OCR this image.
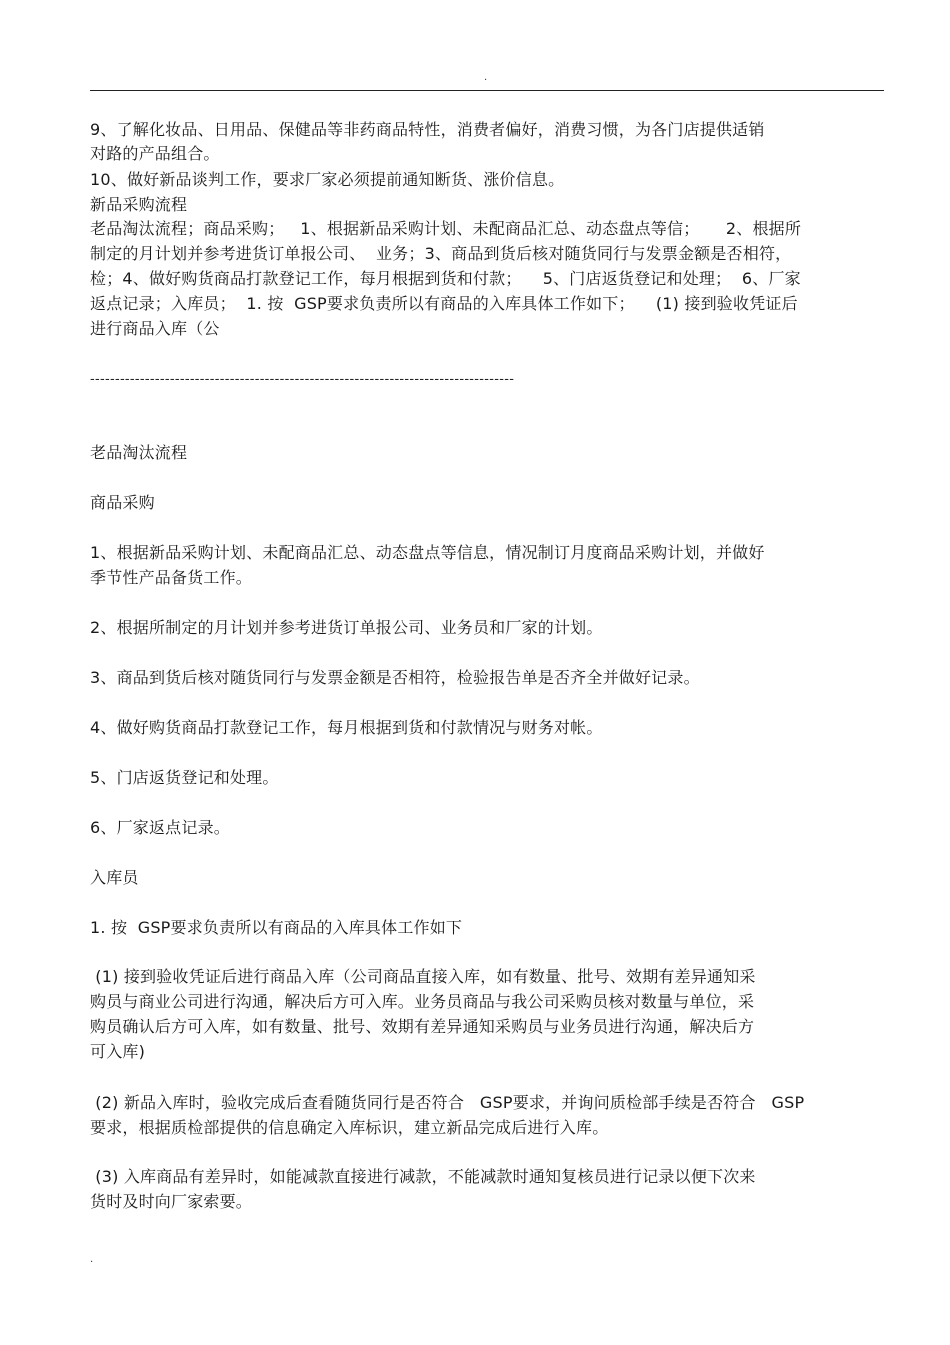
.
9、了解化妆品、日用品、保健品等非药商品特性，消费者偏好，消费习惯，为各门店提供适销
对路的产品组合。
10、做好新品谈判工作，要求厂家必须提前通知断货、涨价信息。
新品采购流程
老品淘汰流程；商品采购；   1、根据新品采购计划、未配商品汇总、动态盘点等信；     2、根据所
制定的月计划并参考进货订单报公司、  业务；3、商品到货后核对随货同行与发票金额是否相符，
检；4、做好购货商品打款登记工作，每月根据到货和付款；    5、门店返货登记和处理；  6、厂家
返点记录；入库员；  1. 按  GSP要求负责所以有商品的入库具体工作如下；    (1) 接到验收凭证后
进行商品入库（公
-------------------------------------------------------------------------------------
老品淘汰流程
商品采购
1、根据新品采购计划、未配商品汇总、动态盘点等信息，情况制订月度商品采购计划，并做好
季节性产品备货工作。
2、根据所制定的月计划并参考进货订单报公司、业务员和厂家的计划。
3、商品到货后核对随货同行与发票金额是否相符，检验报告单是否齐全并做好记录。
4、做好购货商品打款登记工作，每月根据到货和付款情况与财务对帐。
5、门店返货登记和处理。
6、厂家返点记录。
入库员
1. 按  GSP要求负责所以有商品的入库具体工作如下
(1) 接到验收凭证后进行商品入库（公司商品直接入库，如有数量、批号、效期有差异通知采
购员与商业公司进行沟通，解决后方可入库。业务员商品与我公司采购员核对数量与单位，采
购员确认后方可入库，如有数量、批号、效期有差异通知采购员与业务员进行沟通，解决后方
可入库)
(2) 新品入库时，验收完成后查看随货同行是否符合   GSP要求，并询问质检部手续是否符合   GSP
要求，根据质检部提供的信息确定入库标识，建立新品完成后进行入库。
(3) 入库商品有差异时，如能减款直接进行减款，不能减款时通知复核员进行记录以便下次来
货时及时向厂家索要。
.
